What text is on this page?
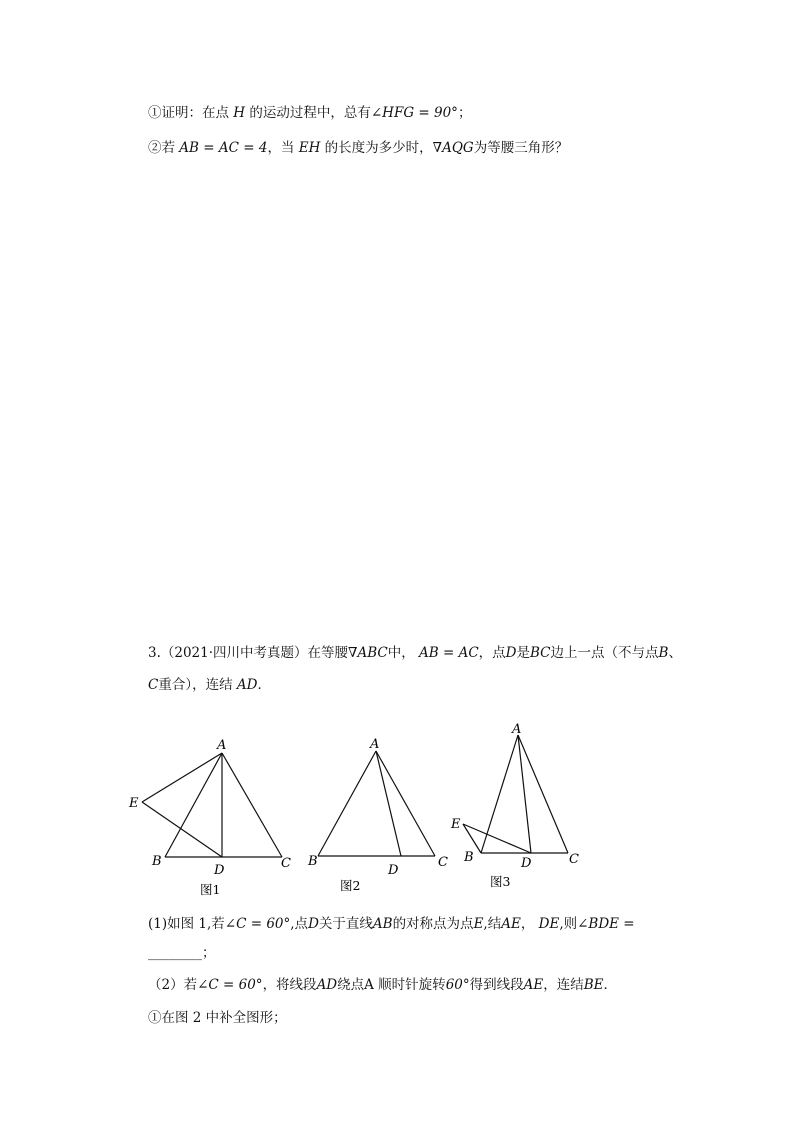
①证明：在点 H 的运动过程中，总有∠HFG = 90°；
②若 AB = AC = 4，当 EH 的长度为多少时，∇AQG为等腰三角形？
3.（2021·四川中考真题）在等腰∇ABC中， AB = AC，点D是BC边上一点（不与点B、
C重合），连结 AD．
A
E
B
D	C
图1
A
B
D
C
图2
A
E
B	D	C
图3
(1)如图 1,若∠C = 60°,点D关于直线AB的对称点为点E,结AE， DE,则∠BDE =
________；
（2）若∠C = 60°，将线段AD绕点A 顺时针旋转60°得到线段AE，连结BE．
①在图 2 中补全图形；
